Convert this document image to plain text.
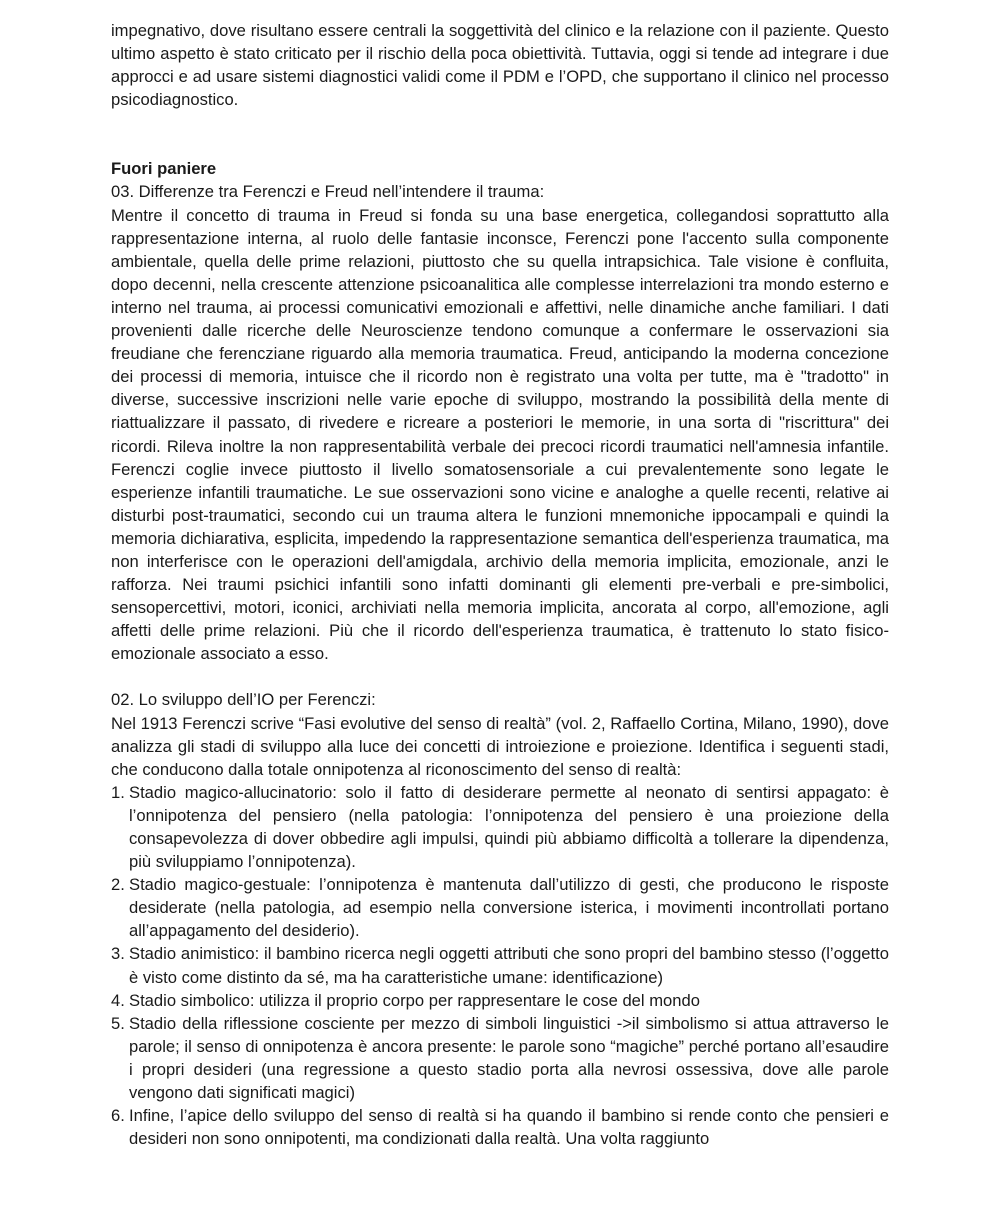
impegnativo, dove risultano essere centrali la soggettività del clinico e la relazione con il paziente. Questo ultimo aspetto è stato criticato per il rischio della poca obiettività. Tuttavia, oggi si tende ad integrare i due approcci e ad usare sistemi diagnostici validi come il PDM e l’OPD, che supportano il clinico nel processo psicodiagnostico.

Fuori paniere

03. Differenze tra Ferenczi e Freud nell’intendere il trauma:

Mentre il concetto di trauma in Freud si fonda su una base energetica, collegandosi soprattutto alla rappresentazione interna, al ruolo delle fantasie inconsce, Ferenczi pone l'accento sulla componente ambientale, quella delle prime relazioni, piuttosto che su quella intrapsichica. Tale visione è confluita, dopo decenni, nella crescente attenzione psicoanalitica alle complesse interrelazioni tra mondo esterno e interno nel trauma, ai processi comunicativi emozionali e affettivi, nelle dinamiche anche familiari. I dati provenienti dalle ricerche delle Neuroscienze tendono comunque a confermare le osservazioni sia freudiane che ferencziane riguardo alla memoria traumatica. Freud, anticipando la moderna concezione dei processi di memoria, intuisce che il ricordo non è registrato una volta per tutte, ma è "tradotto" in diverse, successive inscrizioni nelle varie epoche di sviluppo, mostrando la possibilità della mente di riattualizzare il passato, di rivedere e ricreare a posteriori le memorie, in una sorta di "riscrittura" dei ricordi. Rileva inoltre la non rappresentabilità verbale dei precoci ricordi traumatici nell'amnesia infantile. Ferenczi coglie invece piuttosto il livello somatosensoriale a cui prevalentemente sono legate le esperienze infantili traumatiche. Le sue osservazioni sono vicine e analoghe a quelle recenti, relative ai disturbi post-traumatici, secondo cui un trauma altera le funzioni mnemoniche ippocampali e quindi la memoria dichiarativa, esplicita, impedendo la rappresentazione semantica dell'esperienza traumatica, ma non interferisce con le operazioni dell'amigdala, archivio della memoria implicita, emozionale, anzi le rafforza. Nei traumi psichici infantili sono infatti dominanti gli elementi pre-verbali e pre-simbolici, sensopercettivi, motori, iconici, archiviati nella memoria implicita, ancorata al corpo, all'emozione, agli affetti delle prime relazioni. Più che il ricordo dell'esperienza traumatica, è trattenuto lo stato fisico-emozionale associato a esso.

02. Lo sviluppo dell’IO per Ferenczi:

Nel 1913 Ferenczi scrive “Fasi evolutive del senso di realtà” (vol. 2, Raffaello Cortina, Milano, 1990), dove analizza gli stadi di sviluppo alla luce dei concetti di introiezione e proiezione. Identifica i seguenti stadi, che conducono dalla totale onnipotenza al riconoscimento del senso di realtà:

1. Stadio magico-allucinatorio: solo il fatto di desiderare permette al neonato di sentirsi appagato: è l’onnipotenza del pensiero (nella patologia: l’onnipotenza del pensiero è una proiezione della consapevolezza di dover obbedire agli impulsi, quindi più abbiamo difficoltà a tollerare la dipendenza, più sviluppiamo l’onnipotenza).
2. Stadio magico-gestuale: l’onnipotenza è mantenuta dall’utilizzo di gesti, che producono le risposte desiderate (nella patologia, ad esempio nella conversione isterica, i movimenti incontrollati portano all’appagamento del desiderio).
3. Stadio animistico: il bambino ricerca negli oggetti attributi che sono propri del bambino stesso (l’oggetto è visto come distinto da sé, ma ha caratteristiche umane: identificazione)
4. Stadio simbolico: utilizza il proprio corpo per rappresentare le cose del mondo
5. Stadio della riflessione cosciente per mezzo di simboli linguistici ->il simbolismo si attua attraverso le parole; il senso di onnipotenza è ancora presente: le parole sono “magiche” perché portano all’esaudire i propri desideri (una regressione a questo stadio porta alla nevrosi ossessiva, dove alle parole vengono dati significati magici)
6. Infine, l’apice dello sviluppo del senso di realtà si ha quando il bambino si rende conto che pensieri e desideri non sono onnipotenti, ma condizionati dalla realtà. Una volta raggiunto
